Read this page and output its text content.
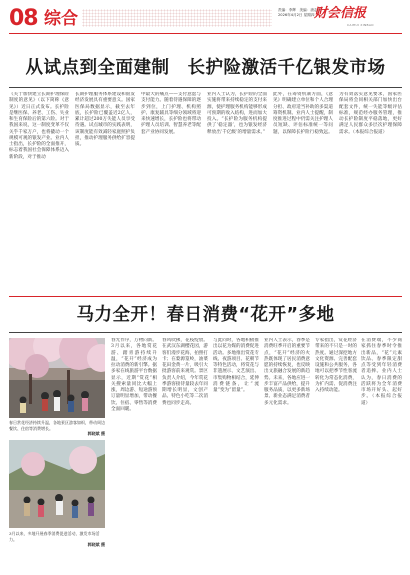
08 综合	责编：李辉　美编：唐志刚
2026年4月2日 星期四 财会信报
CAIHUI XINBAO
从试点到全面建制　长护险激活千亿银发市场
《关于加快建立长期护理保险制度的意见》（以下简称《意见》）近日正式发布。长护险是继医保、养老、工伤、失业和生育保险后的第六险。对于我国来说，这一制度变革不仅关乎千家万户，也将撬动一个规模可观的银发产业。业内人士指出，长护险的全面推开，标志着我国社会保障体系迈入新阶段，对于推动
长期护理服务体系建设和银发经济发展具有重要意义。国家医保局数据显示，截至去年底，长护险已覆盖近2亿人，累计超过200万失能人员享受待遇。试点城市的实践表明，该制度能有效减轻家庭照护负担，推动护理服务供给扩容提质。
中最大的痛点——支付意愿与支付能力。随着待遇保障的逐步到位，上门护理、机构照护、康复辅具等细分领域将迎来快速增长，长护险也将带动护理人员培训、智慧养老等配套产业协同发展。
业内人士认为，长护险的全面实施将带来持续稳定的支付来源，使护理服务机构能够形成可预期的收入结构，进而加大投入。“长护险为服务机构提供了‘稳定器’，也为银发经济释放出‘千亿级’的增量需求。”
此外，在筹资机制方面，《意见》明确建立单位和个人合理分担、政府适当补助的多渠道筹资机制。业内人士提醒，制度推进过程中仍需关注护理人员短缺、评估标准统一等问题，以保障长护险行稳致远。
为有效落实意见要求，国家医保局将会同相关部门加快出台配套文件，统一失能等级评估标准，规范经办服务管理，推动长护险制度平稳落地，更好满足人民群众多层次护理保障需求。（本报综合报道）
马力全开！春日消费“花开”多地
春日赏花经济持续升温，各地景区游客如织，带动周边餐饮、住宿等消费增长。
郭晓斌 摄
3月以来，多地开展春季消费促进活动，激发市场活力。
郭晓斌 摄
春光作序，万物向新。3月以来，各地赏花游、踏青游持续升温，“花开”经济成为拉动消费的新引擎。据多家在线旅游平台数据显示，近期“赏花”相关搜索量同比大幅上涨，周边游、短途游预订量明显增加，带动餐饮、住宿、零售等消费全面回暖。
春风吹拂，花枝绽放。在武汉东湖樱花园，游客们漫步花海，拍照打卡；在婺源篁岭，油菜花田金黄一片，吸引大批游客前来观赏。景区负责人介绍，今年赏花季游客接待量较去年同期增长明显，文创产品、特色小吃等二次消费也同步走高。
与此同时，各地积极推出以花为媒的消费促进活动。多地推出赏花专线、夜游项目、花朝节等特色活动，将赏花与非遗展示、文艺演出、市集购物相结合，延伸消费链条，让“流量”变为“留量”。
业内人士表示，春季是消费旺季开启的重要节点，“花开”经济的火热既体现了居民消费意愿的持续恢复，也反映出文旅融合发展的新趋势。未来，各地应进一步丰富产品供给，提升服务品质，以更多新场景、新业态满足消费者多元化需求。
专家指出，赏花经济带来的不只是一时的热度。通过深挖地方文化资源、完善配套设施和公共服务，各地可以把季节性客流转化为常态化消费，为扩内需、促消费注入持续动能。
在消费端，不少商家抓住春季时令推出新品，“花”元素饮品、春季限定甜点等受到年轻消费者追捧。业内人士认为，春日消费的活跃将为全年消费市场开好头、起好步。（本报综合报道）
